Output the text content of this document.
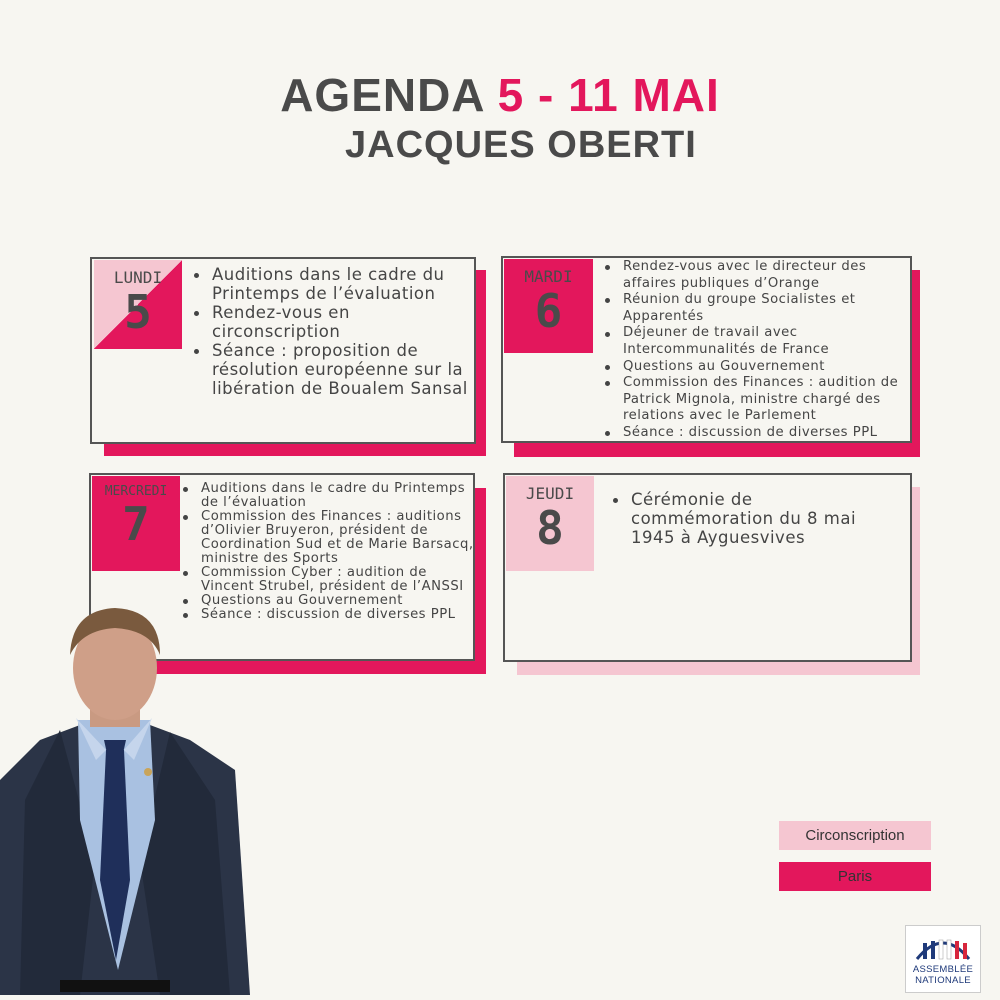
AGENDA 5 - 11 MAI
JACQUES OBERTI
LUNDI
5
Auditions dans le cadre du Printemps de l’évaluation
Rendez-vous en circonscription
Séance : proposition de résolution européenne sur la libération de Boualem Sansal
MARDI
6
Rendez-vous avec le directeur des affaires publiques d’Orange
Réunion du groupe Socialistes et Apparentés
Déjeuner de travail avec Intercommunalités de France
Questions au Gouvernement
Commission des Finances : audition de Patrick Mignola, ministre chargé des relations avec le Parlement
Séance : discussion de diverses PPL
MERCREDI
7
Auditions dans le cadre du Printemps de l’évaluation
Commission des Finances : auditions d’Olivier Bruyeron, président de Coordination Sud et de Marie Barsacq, ministre des Sports
Commission Cyber : audition de Vincent Strubel, président de l’ANSSI
Questions au Gouvernement
Séance : discussion de diverses PPL
JEUDI
8
Cérémonie de commémoration du 8 mai 1945 à Ayguesvives
Circonscription
Paris
ASSEMBLÉE
NATIONALE
